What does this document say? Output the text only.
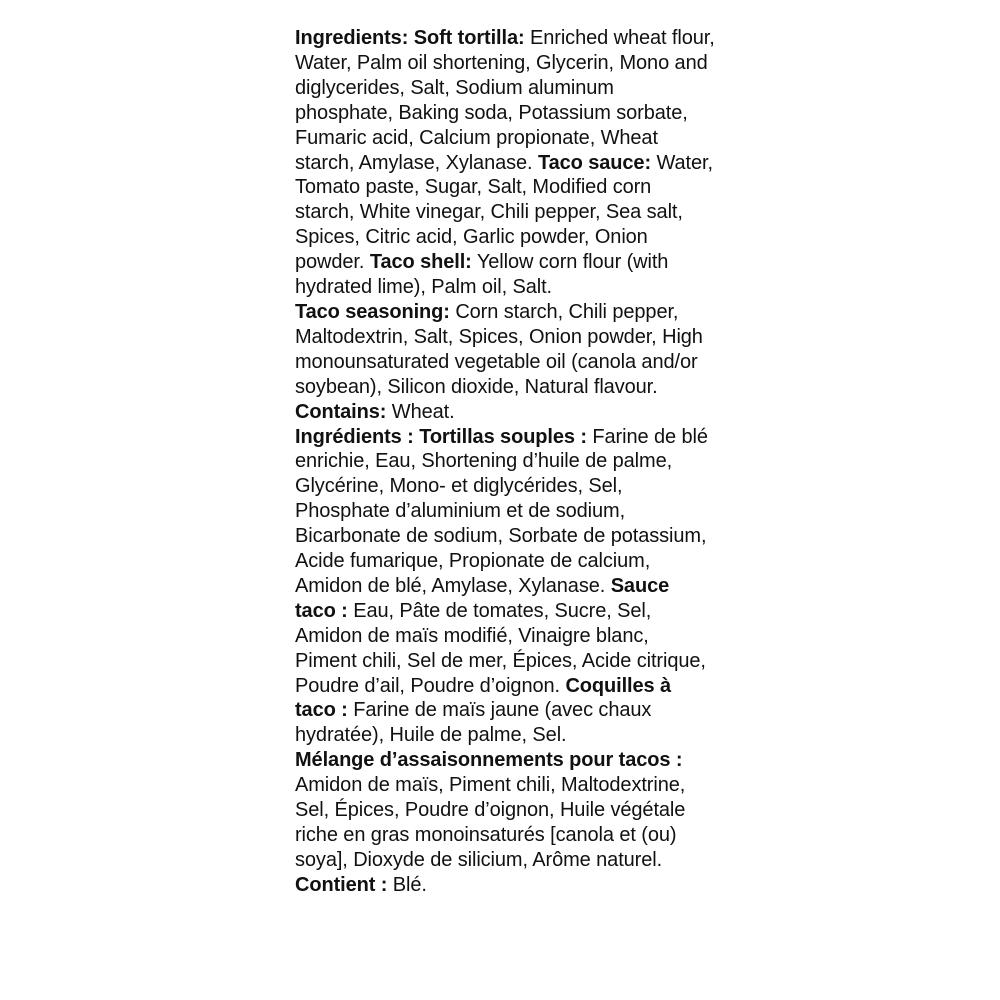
Ingredients: Soft tortilla: Enriched wheat flour, Water, Palm oil shortening, Glycerin, Mono and diglycerides, Salt, Sodium aluminum phosphate, Baking soda, Potassium sorbate, Fumaric acid, Calcium propionate, Wheat starch, Amylase, Xylanase. Taco sauce: Water, Tomato paste, Sugar, Salt, Modified corn starch, White vinegar, Chili pepper, Sea salt, Spices, Citric acid, Garlic powder, Onion powder. Taco shell: Yellow corn flour (with hydrated lime), Palm oil, Salt.

Taco seasoning: Corn starch, Chili pepper, Maltodextrin, Salt, Spices, Onion powder, High monounsaturated vegetable oil (canola and/or soybean), Silicon dioxide, Natural flavour. Contains: Wheat.

Ingrédients : Tortillas souples : Farine de blé enrichie, Eau, Shortening d’huile de palme, Glycérine, Mono- et diglycérides, Sel, Phosphate d’aluminium et de sodium, Bicarbonate de sodium, Sorbate de potassium, Acide fumarique, Propionate de calcium, Amidon de blé, Amylase, Xylanase. Sauce taco : Eau, Pâte de tomates, Sucre, Sel, Amidon de maïs modifié, Vinaigre blanc, Piment chili, Sel de mer, Épices, Acide citrique, Poudre d’ail, Poudre d’oignon. Coquilles à taco : Farine de maïs jaune (avec chaux hydratée), Huile de palme, Sel.

Mélange d’assaisonnements pour tacos : Amidon de maïs, Piment chili, Maltodextrine, Sel, Épices, Poudre d’oignon, Huile végétale riche en gras monoinsaturés [canola et (ou) soya], Dioxyde de silicium, Arôme naturel.

Contient : Blé.
